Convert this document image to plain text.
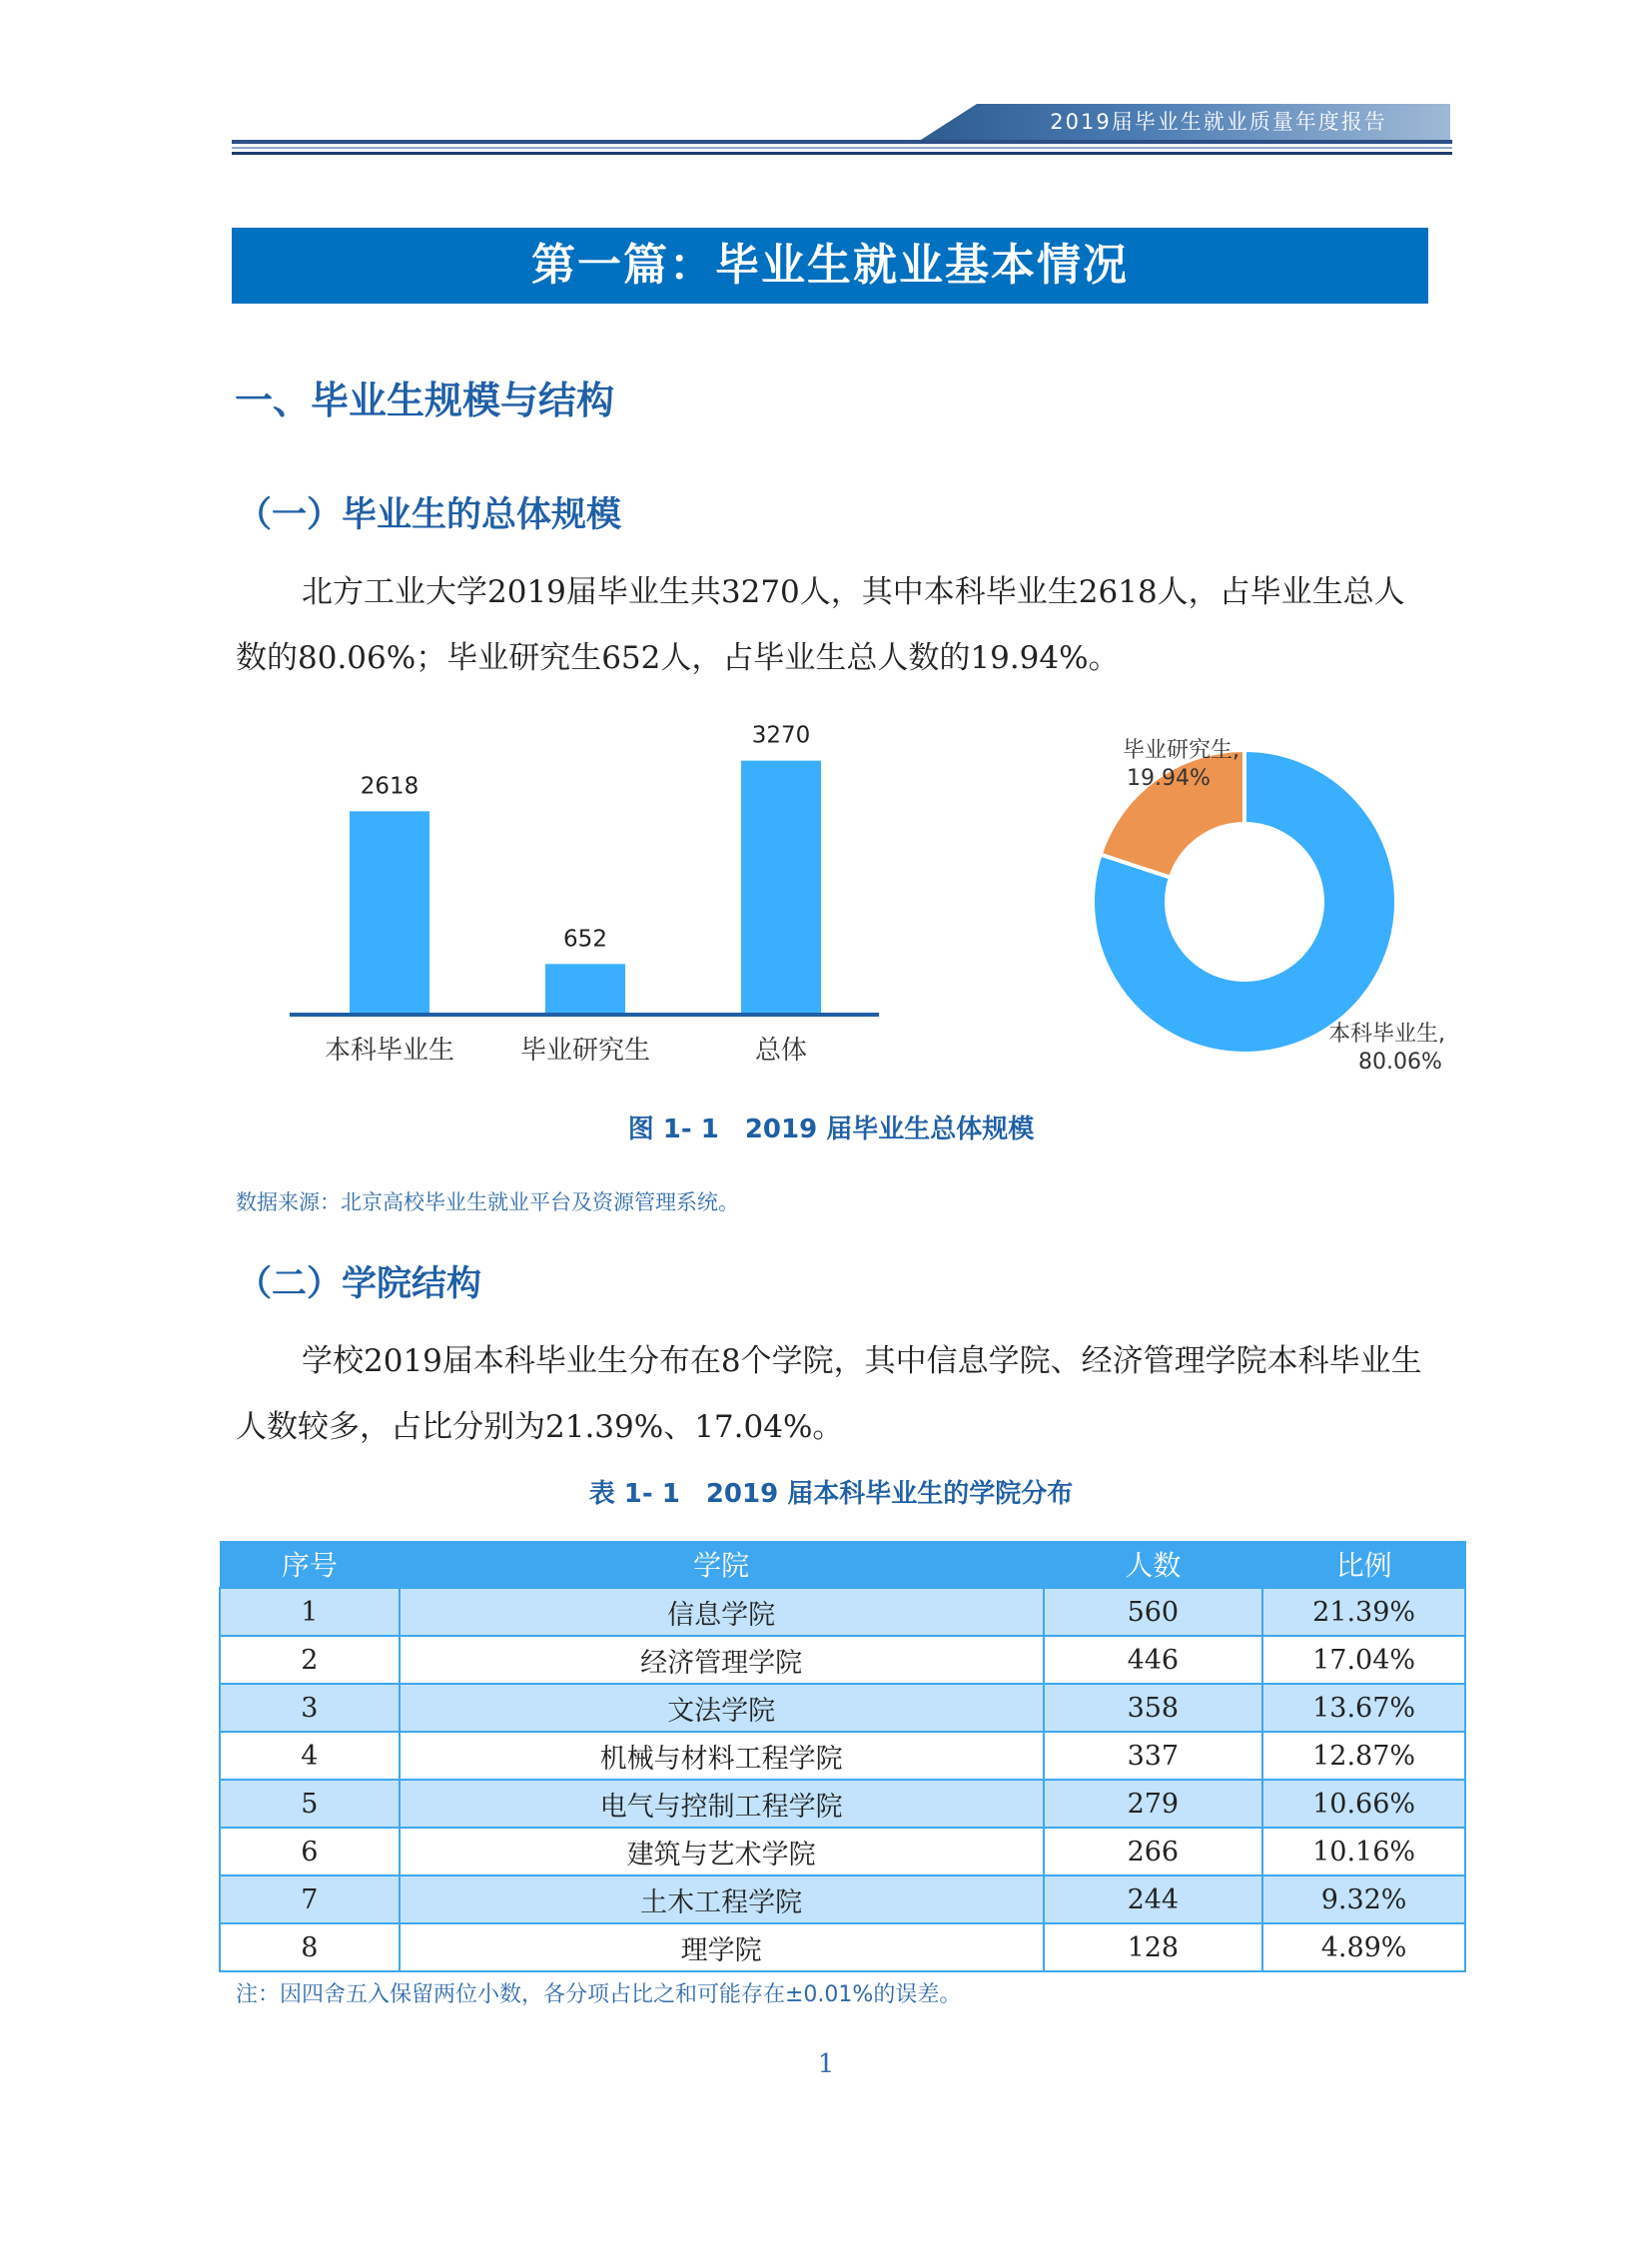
2019届毕业生就业质量年度报告
第一篇：毕业生就业基本情况
一、毕业生规模与结构
（一）毕业生的总体规模
北方工业大学2019届毕业生共3270人，其中本科毕业生2618人，占毕业生总人数的80.06%；毕业研究生652人，占毕业生总人数的19.94%。
2618
652
3270
本科毕业生	毕业研究生	总体
毕业研究生,
19.94%
本科毕业生,
80.06%
图 1- 1　2019 届毕业生总体规模
数据来源：北京高校毕业生就业平台及资源管理系统。
（二）学院结构
学校2019届本科毕业生分布在8个学院，其中信息学院、经济管理学院本科毕业生人数较多，占比分别为21.39%、17.04%。
表 1- 1　2019 届本科毕业生的学院分布
序号	学院	人数	比例
1	信息学院	560	21.39%
2	经济管理学院	446	17.04%
3	文法学院	358	13.67%
4	机械与材料工程学院	337	12.87%
5	电气与控制工程学院	279	10.66%
6	建筑与艺术学院	266	10.16%
7	土木工程学院	244	9.32%
8	理学院	128	4.89%
注：因四舍五入保留两位小数，各分项占比之和可能存在±0.01%的误差。
1
